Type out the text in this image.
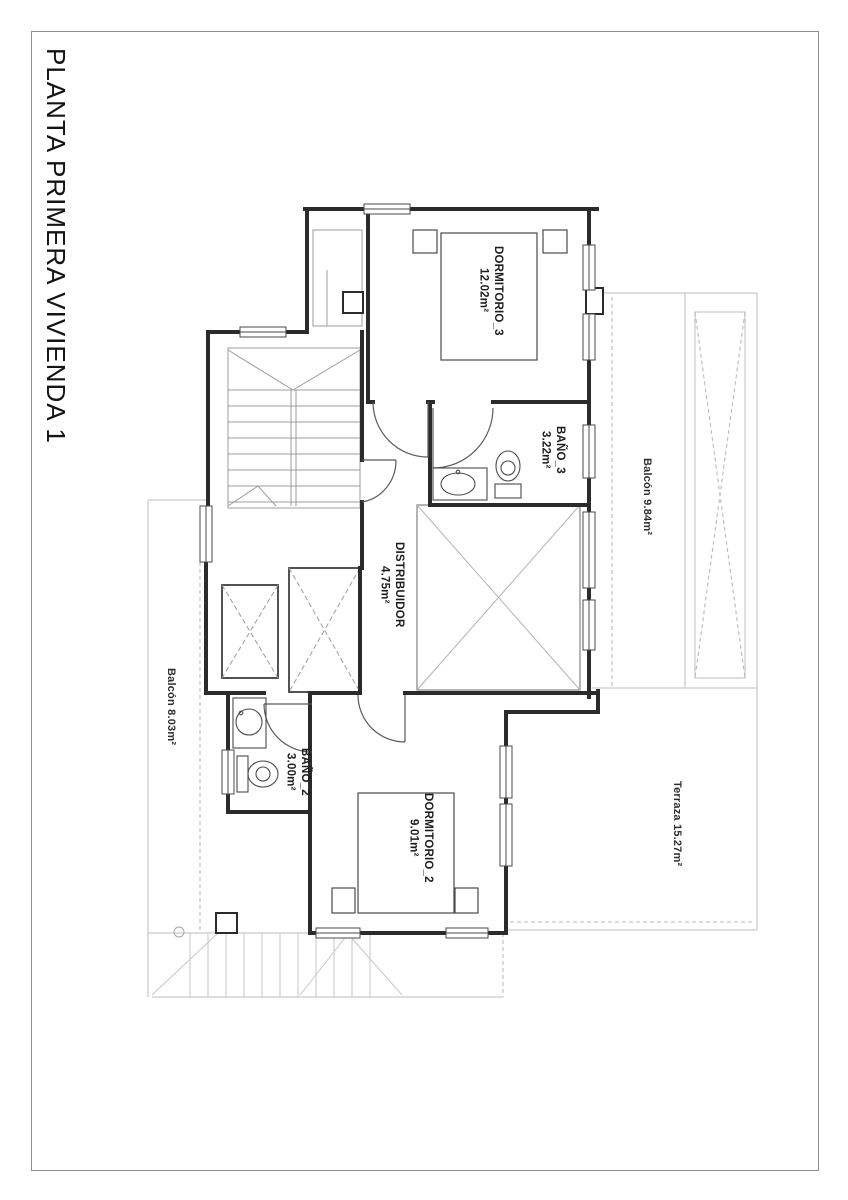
PLANTA PRIMERA VIVIENDA 1	DORMITORIO_3
12.02m²
BAÑO_3
3.22m²
DISTRIBUIDOR
4.75m²
BAÑO_2
3.00m²
DORMITORIO_2
9.01m²
Balcón 9.84m²
Balcón 8.03m²
Terraza 15.27m²
